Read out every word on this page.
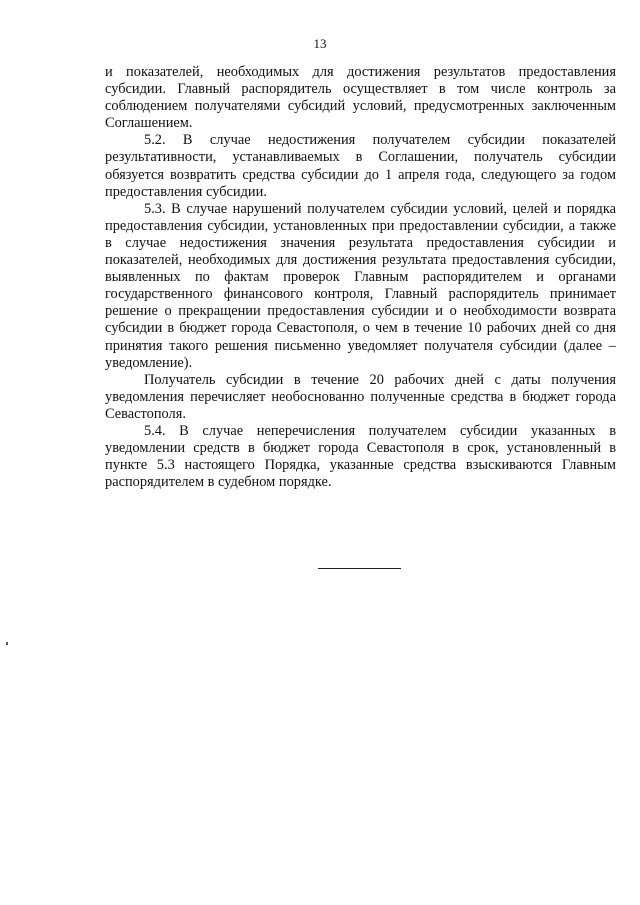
13

и показателей, необходимых для достижения результатов предоставления субсидии. Главный распорядитель осуществляет в том числе контроль за соблюдением получателями субсидий условий, предусмотренных заключенным Соглашением.

5.2. В случае недостижения получателем субсидии показателей результативности, устанавливаемых в Соглашении, получатель субсидии обязуется возвратить средства субсидии до 1 апреля года, следующего за годом предоставления субсидии.

5.3. В случае нарушений получателем субсидии условий, целей и порядка предоставления субсидии, установленных при предоставлении субсидии, а также в случае недостижения значения результата предоставления субсидии и показателей, необходимых для достижения результата предоставления субсидии, выявленных по фактам проверок Главным распорядителем и органами государственного финансового контроля, Главный распорядитель принимает решение о прекращении предоставления субсидии и о необходимости возврата субсидии в бюджет города Севастополя, о чем в течение 10 рабочих дней со дня принятия такого решения письменно уведомляет получателя субсидии (далее – уведомление).

Получатель субсидии в течение 20 рабочих дней с даты получения уведомления перечисляет необоснованно полученные средства в бюджет города Севастополя.

5.4. В случае неперечисления получателем субсидии указанных в уведомлении средств в бюджет города Севастополя в срок, установленный в пункте 5.3 настоящего Порядка, указанные средства взыскиваются Главным распорядителем в судебном порядке.
